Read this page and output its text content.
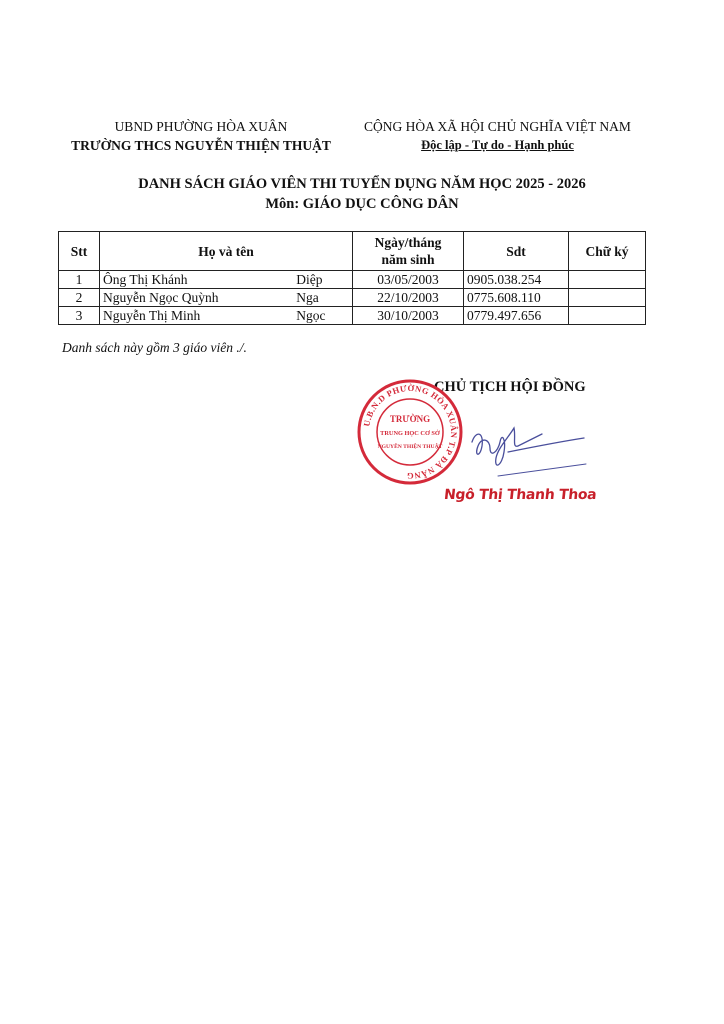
UBND PHƯỜNG HÒA XUÂN
TRƯỜNG THCS NGUYỄN THIỆN THUẬT
CỘNG HÒA XÃ HỘI CHỦ NGHĨA VIỆT NAM
Độc lập - Tự do - Hạnh phúc
DANH SÁCH GIÁO VIÊN THI TUYỂN DỤNG NĂM HỌC 2025 - 2026
Môn: GIÁO DỤC CÔNG DÂN
Stt	Họ và tên		Ngày/tháng
năm sinh	Sdt	Chữ ký
1	Ông Thị Khánh	Diệp	03/05/2003	0905.038.254	
2	Nguyễn Ngọc Quỳnh	Nga	22/10/2003	0775.608.110	
3	Nguyễn Thị Minh	Ngọc	30/10/2003	0779.497.656	
Danh sách này gồm 3 giáo viên ./.
CHỦ TỊCH HỘI ĐỒNG
U.B.N.D PHƯỜNG HÒA XUÂN T.P ĐÀ NẴNG
TRƯỜNG
TRUNG HỌC CƠ SỞ
NGUYỄN THIỆN THUẬT
Ngô Thị Thanh Thoa
